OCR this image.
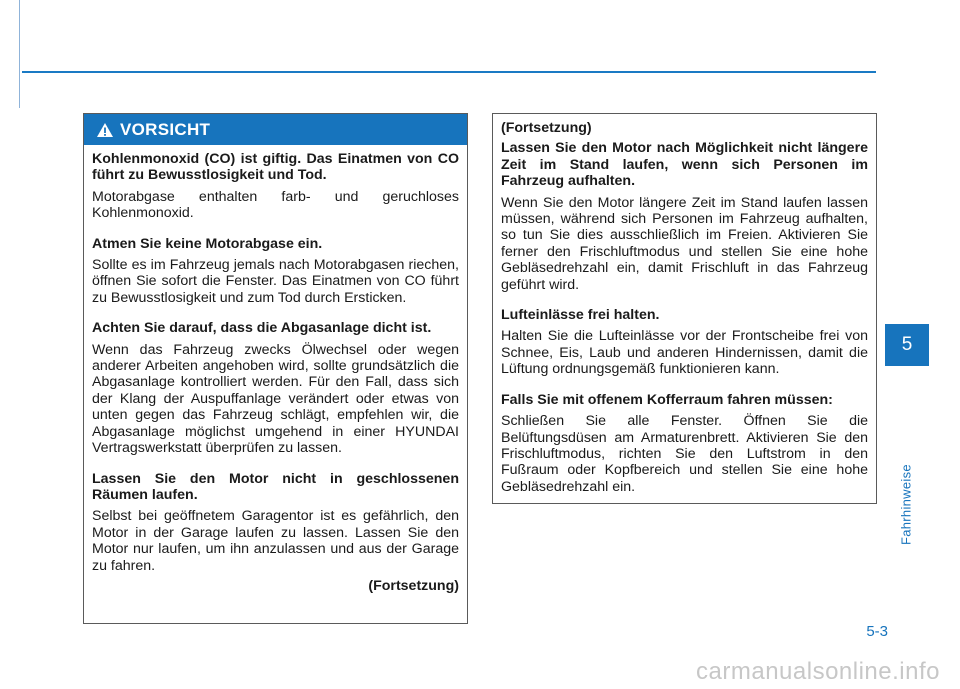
VORSICHT

Kohlenmonoxid (CO) ist giftig. Das Einatmen von CO führt zu Bewusstlosigkeit und Tod.

Motorabgase enthalten farb- und geruchloses Kohlenmonoxid.

Atmen Sie keine Motorabgase ein.

Sollte es im Fahrzeug jemals nach Motorabgasen riechen, öffnen Sie sofort die Fenster. Das Einatmen von CO führt zu Bewusstlosigkeit und zum Tod durch Ersticken.

Achten Sie darauf, dass die Abgasanlage dicht ist.

Wenn das Fahrzeug zwecks Ölwechsel oder wegen anderer Arbeiten angehoben wird, sollte grundsätzlich die Abgasanlage kontrolliert werden. Für den Fall, dass sich der Klang der Auspuffanlage verändert oder etwas von unten gegen das Fahrzeug schlägt, empfehlen wir, die Abgasanlage möglichst umgehend in einer HYUNDAI Vertragswerkstatt überprüfen zu lassen.

Lassen Sie den Motor nicht in geschlossenen Räumen laufen.

Selbst bei geöffnetem Garagentor ist es gefährlich, den Motor in der Garage laufen zu lassen. Lassen Sie den Motor nur laufen, um ihn anzulassen und aus der Garage zu fahren.

(Fortsetzung)

(Fortsetzung)

Lassen Sie den Motor nach Möglichkeit nicht längere Zeit im Stand laufen, wenn sich Personen im Fahrzeug aufhalten.

Wenn Sie den Motor längere Zeit im Stand laufen lassen müssen, während sich Personen im Fahrzeug aufhalten, so tun Sie dies ausschließlich im Freien. Aktivieren Sie ferner den Frischluftmodus und stellen Sie eine hohe Gebläsedrehzahl ein, damit Frischluft in das Fahrzeug geführt wird.

Lufteinlässe frei halten.

Halten Sie die Lufteinlässe vor der Frontscheibe frei von Schnee, Eis, Laub und anderen Hindernissen, damit die Lüftung ordnungsgemäß funktionieren kann.

Falls Sie mit offenem Kofferraum fahren müssen:

Schließen Sie alle Fenster. Öffnen Sie die Belüftungsdüsen am Armaturenbrett. Aktivieren Sie den Frischluftmodus, richten Sie den Luftstrom in den Fußraum oder Kopfbereich und stellen Sie eine hohe Gebläsedrehzahl ein.

5
Fahrhinweise
5-3
carmanualsonline.info
